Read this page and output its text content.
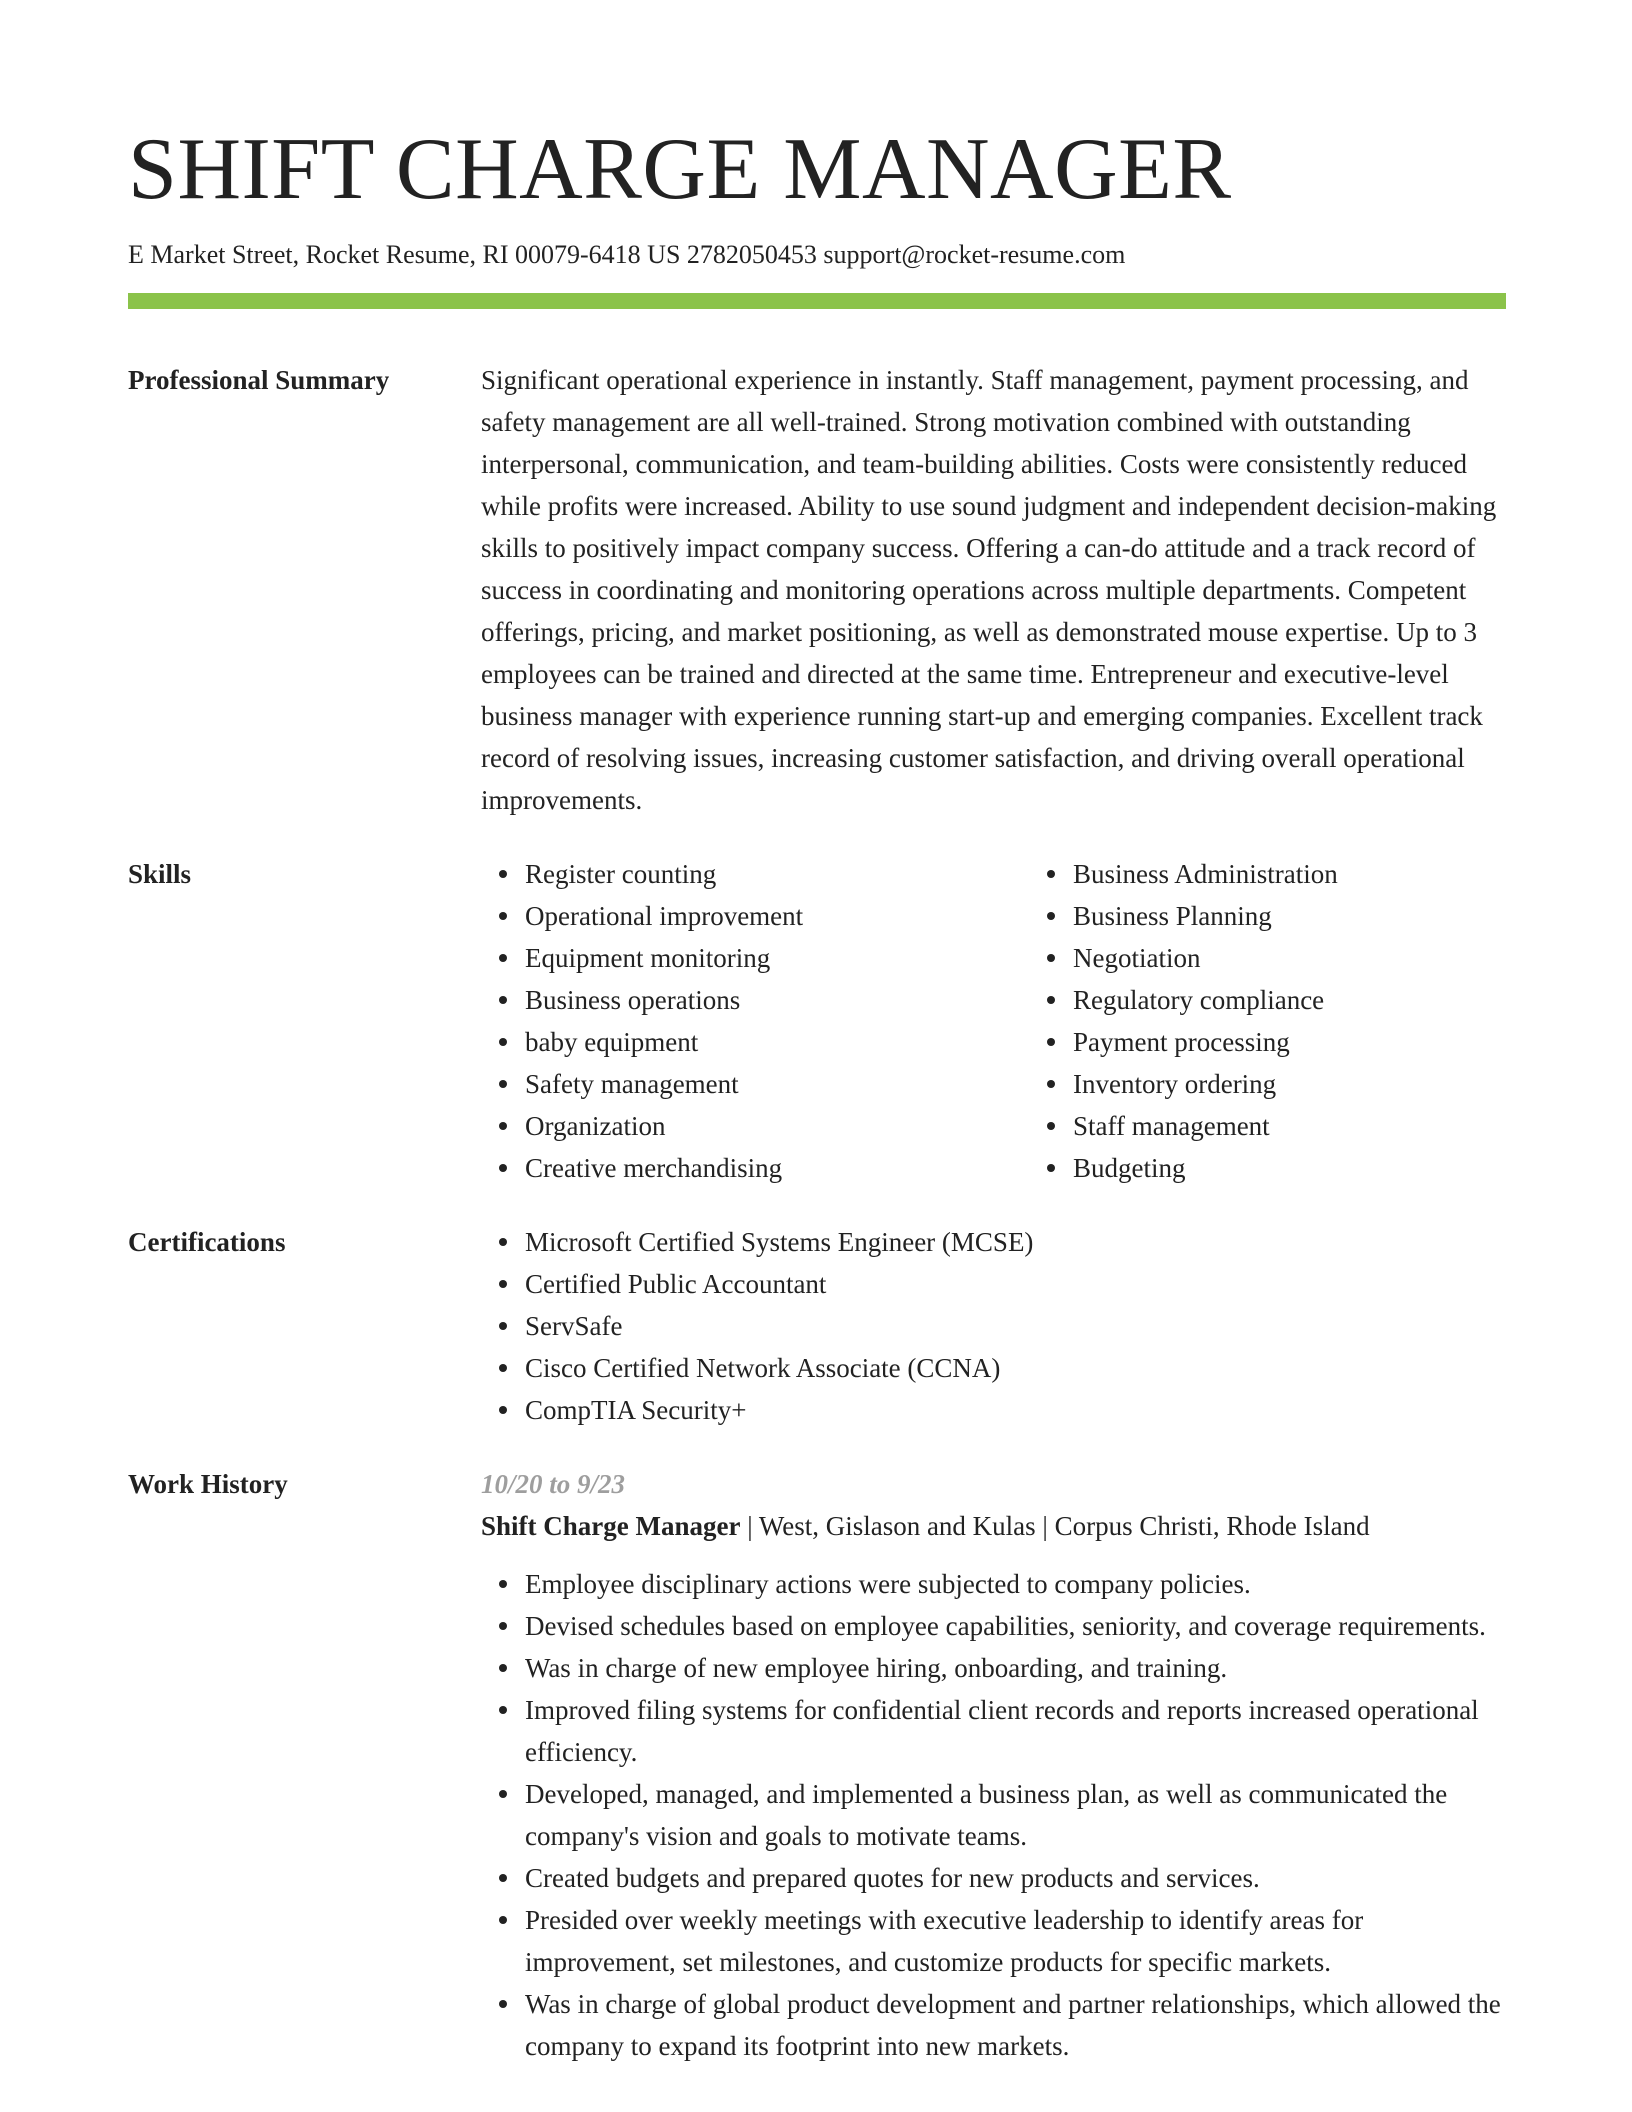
SHIFT CHARGE MANAGER
E Market Street, Rocket Resume, RI 00079-6418 US 2782050453 support@rocket-resume.com
Professional Summary	Significant operational experience in instantly. Staff management, payment processing, and safety management are all well-trained. Strong motivation combined with outstanding interpersonal, communication, and team-building abilities. Costs were consistently reduced while profits were increased. Ability to use sound judgment and independent decision-making skills to positively impact company success. Offering a can-do attitude and a track record of success in coordinating and monitoring operations across multiple departments. Competent offerings, pricing, and market positioning, as well as demonstrated mouse expertise. Up to 3 employees can be trained and directed at the same time. Entrepreneur and executive-level business manager with experience running start-up and emerging companies. Excellent track record of resolving issues, increasing customer satisfaction, and driving overall operational improvements.
Skills	Register counting
Operational improvement
Equipment monitoring
Business operations
baby equipment
Safety management
Organization
Creative merchandising
Business Administration
Business Planning
Negotiation
Regulatory compliance
Payment processing
Inventory ordering
Staff management
Budgeting
Certifications	Microsoft Certified Systems Engineer (MCSE)
Certified Public Accountant
ServSafe
Cisco Certified Network Associate (CCNA)
CompTIA Security+
Work History	10/20 to 9/23
Shift Charge Manager | West, Gislason and Kulas | Corpus Christi, Rhode Island
Employee disciplinary actions were subjected to company policies.
Devised schedules based on employee capabilities, seniority, and coverage requirements.
Was in charge of new employee hiring, onboarding, and training.
Improved filing systems for confidential client records and reports increased operational efficiency.
Developed, managed, and implemented a business plan, as well as communicated the company's vision and goals to motivate teams.
Created budgets and prepared quotes for new products and services.
Presided over weekly meetings with executive leadership to identify areas for improvement, set milestones, and customize products for specific markets.
Was in charge of global product development and partner relationships, which allowed the company to expand its footprint into new markets.
